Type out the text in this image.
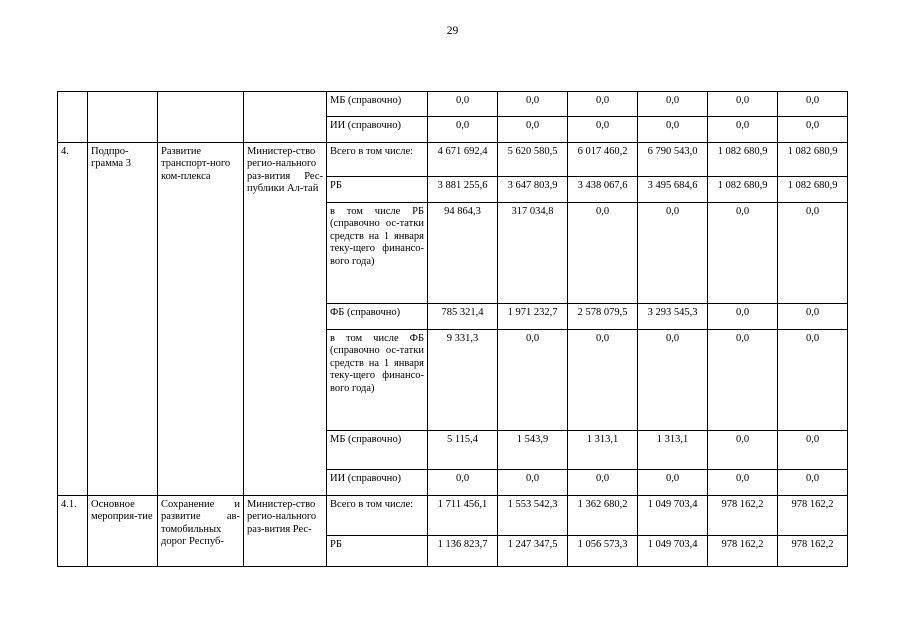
29
				МБ (справочно)	0,0	0,0	0,0	0,0	0,0	0,0
				ИИ (справочно)	0,0	0,0	0,0	0,0	0,0	0,0
4.	Подпро-грамма 3	Развитие транспорт-ного ком-плекса	Министер-ство регио-нального раз-вития Рес-публики Ал-тай	Всего в том числе:	4 671 692,4	5 620 580,5	6 017 460,2	6 790 543,0	1 082 680,9	1 082 680,9
				РБ	3 881 255,6	3 647 803,9	3 438 067,6	3 495 684,6	1 082 680,9	1 082 680,9
				в том числе РБ (справочно ос-татки средств на 1 января теку-щего финансо-вого года)	94 864,3	317 034,8	0,0	0,0	0,0	0,0
				ФБ (справочно)	785 321,4	1 971 232,7	2 578 079,5	3 293 545,3	0,0	0,0
				в том числе ФБ (справочно ос-татки средств на 1 января теку-щего финансо-вого года)	9 331,3	0,0	0,0	0,0	0,0	0,0
				МБ (справочно)	5 115,4	1 543,9	1 313,1	1 313,1	0,0	0,0
				ИИ (справочно)	0,0	0,0	0,0	0,0	0,0	0,0
4.1.	Основное мероприя-тие	Сохранение и развитие ав-томобильных дорог Респуб-	Министер-ство регио-нального раз-вития Рес-	Всего в том числе:	1 711 456,1	1 553 542,3	1 362 680,2	1 049 703,4	978 162,2	978 162,2
				РБ	1 136 823,7	1 247 347,5	1 056 573,3	1 049 703,4	978 162,2	978 162,2
